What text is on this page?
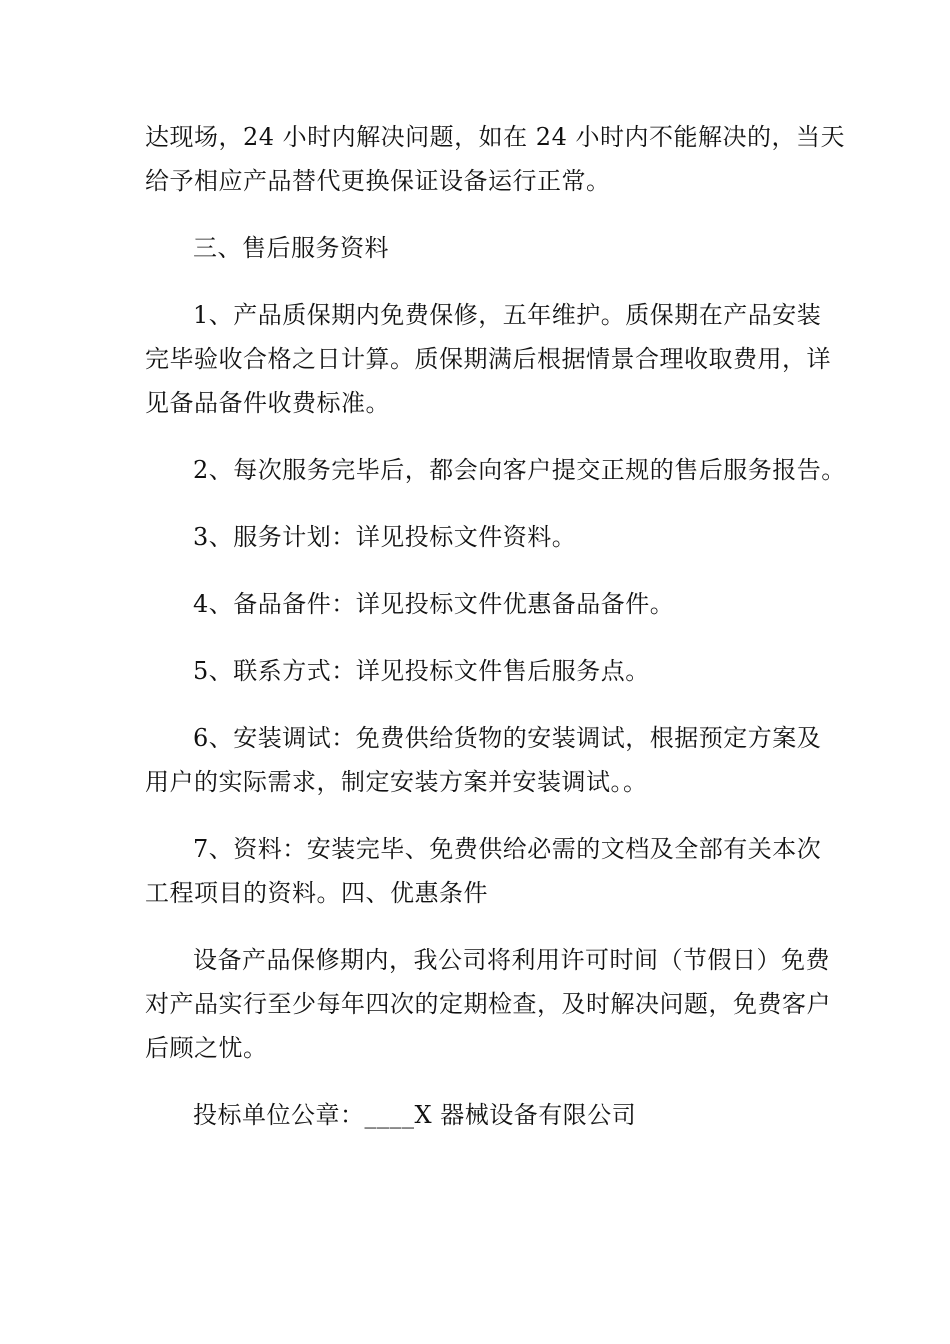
达现场，24 小时内解决问题，如在 24 小时内不能解决的，当天
给予相应产品替代更换保证设备运行正常。

三、售后服务资料

1、产品质保期内免费保修，五年维护。质保期在产品安装
完毕验收合格之日计算。质保期满后根据情景合理收取费用，详
见备品备件收费标准。

2、每次服务完毕后，都会向客户提交正规的售后服务报告。

3、服务计划：详见投标文件资料。

4、备品备件：详见投标文件优惠备品备件。

5、联系方式：详见投标文件售后服务点。

6、安装调试：免费供给货物的安装调试，根据预定方案及
用户的实际需求，制定安装方案并安装调试。。

7、资料：安装完毕、免费供给必需的文档及全部有关本次
工程项目的资料。四、优惠条件

设备产品保修期内，我公司将利用许可时间（节假日）免费
对产品实行至少每年四次的定期检查，及时解决问题，免费客户
后顾之忧。

投标单位公章：____X 器械设备有限公司
